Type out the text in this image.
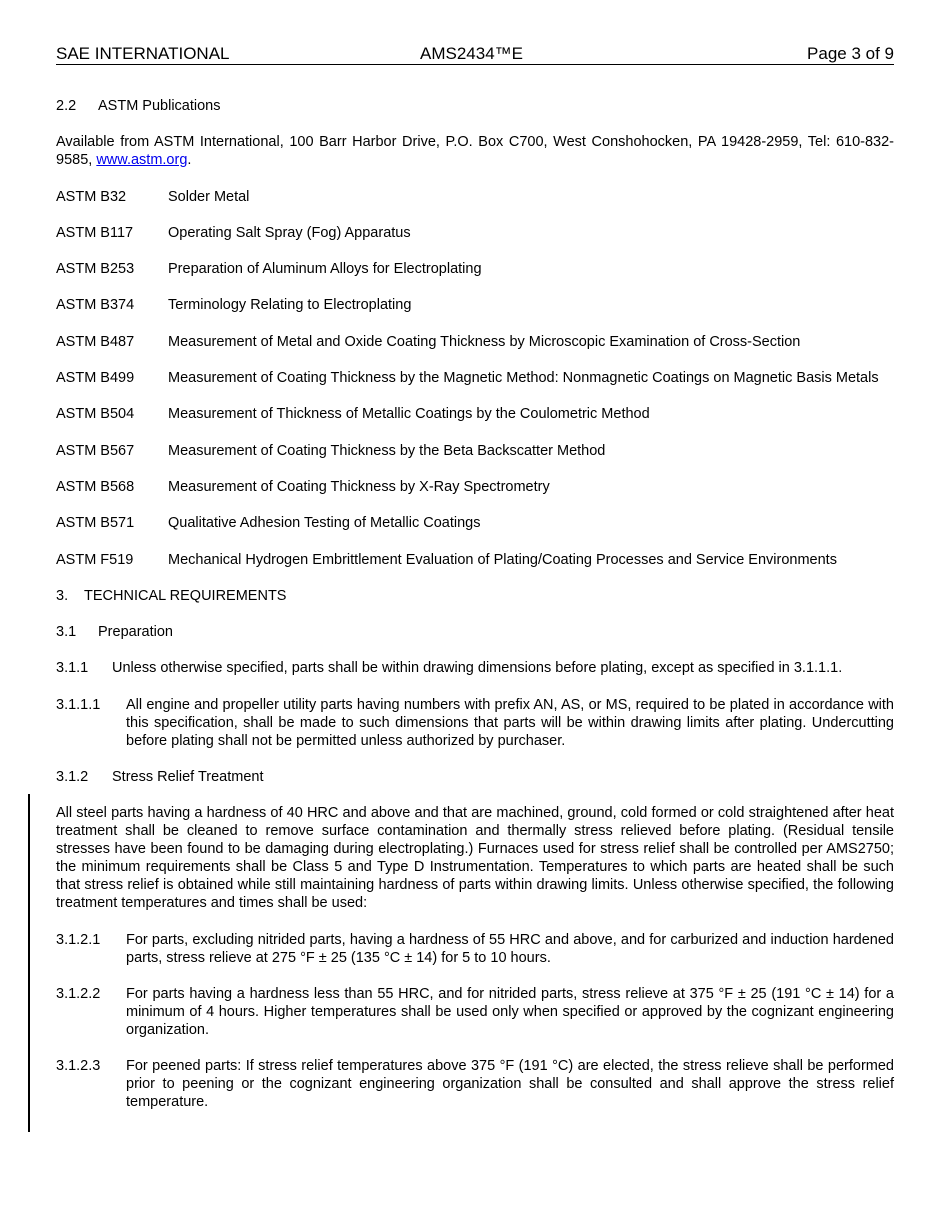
SAE INTERNATIONAL	AMS2434™E	Page 3 of 9

2.2 ASTM Publications

Available from ASTM International, 100 Barr Harbor Drive, P.O. Box C700, West Conshohocken, PA 19428-2959, Tel: 610-832-9585, www.astm.org.

ASTM B32	Solder Metal
ASTM B117	Operating Salt Spray (Fog) Apparatus
ASTM B253	Preparation of Aluminum Alloys for Electroplating
ASTM B374	Terminology Relating to Electroplating
ASTM B487	Measurement of Metal and Oxide Coating Thickness by Microscopic Examination of Cross-Section
ASTM B499	Measurement of Coating Thickness by the Magnetic Method: Nonmagnetic Coatings on Magnetic Basis Metals
ASTM B504	Measurement of Thickness of Metallic Coatings by the Coulometric Method
ASTM B567	Measurement of Coating Thickness by the Beta Backscatter Method
ASTM B568	Measurement of Coating Thickness by X-Ray Spectrometry
ASTM B571	Qualitative Adhesion Testing of Metallic Coatings
ASTM F519	Mechanical Hydrogen Embrittlement Evaluation of Plating/Coating Processes and Service Environments

3. TECHNICAL REQUIREMENTS

3.1 Preparation

3.1.1	Unless otherwise specified, parts shall be within drawing dimensions before plating, except as specified in 3.1.1.1.
3.1.1.1	All engine and propeller utility parts having numbers with prefix AN, AS, or MS, required to be plated in accordance with this specification, shall be made to such dimensions that parts will be within drawing limits after plating. Undercutting before plating shall not be permitted unless authorized by purchaser.

3.1.2 Stress Relief Treatment

All steel parts having a hardness of 40 HRC and above and that are machined, ground, cold formed or cold straightened after heat treatment shall be cleaned to remove surface contamination and thermally stress relieved before plating. (Residual tensile stresses have been found to be damaging during electroplating.) Furnaces used for stress relief shall be controlled per AMS2750; the minimum requirements shall be Class 5 and Type D Instrumentation. Temperatures to which parts are heated shall be such that stress relief is obtained while still maintaining hardness of parts within drawing limits. Unless otherwise specified, the following treatment temperatures and times shall be used:

3.1.2.1	For parts, excluding nitrided parts, having a hardness of 55 HRC and above, and for carburized and induction hardened parts, stress relieve at 275 °F ± 25 (135 °C ± 14) for 5 to 10 hours.
3.1.2.2	For parts having a hardness less than 55 HRC, and for nitrided parts, stress relieve at 375 °F ± 25 (191 °C ± 14) for a minimum of 4 hours. Higher temperatures shall be used only when specified or approved by the cognizant engineering organization.
3.1.2.3	For peened parts: If stress relief temperatures above 375 °F (191 °C) are elected, the stress relieve shall be performed prior to peening or the cognizant engineering organization shall be consulted and shall approve the stress relief temperature.
